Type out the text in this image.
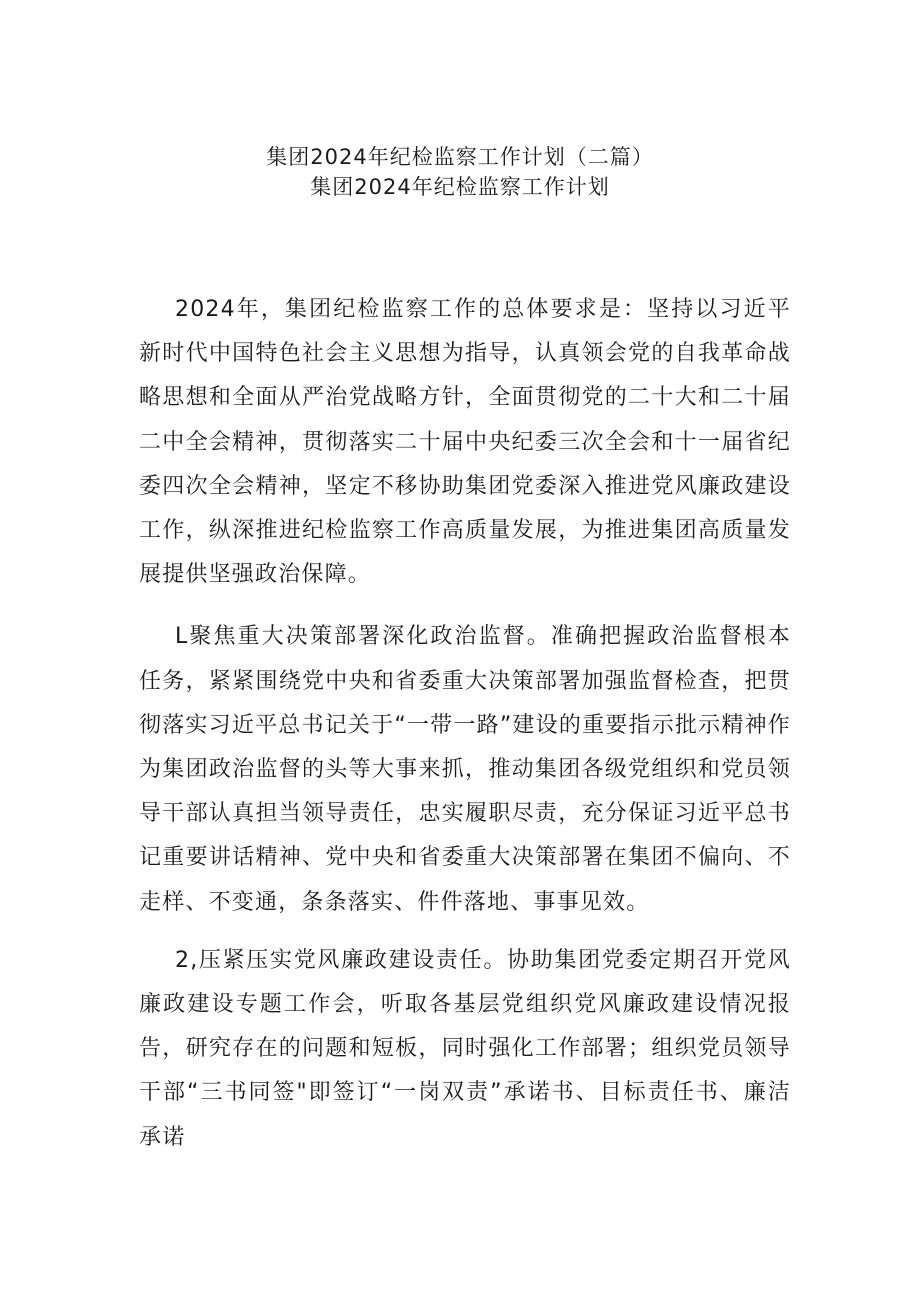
集团2024年纪检监察工作计划（二篇）
集团2024年纪检监察工作计划

2024年，集团纪检监察工作的总体要求是：坚持以习近平新时代中国特色社会主义思想为指导，认真领会党的自我革命战略思想和全面从严治党战略方针，全面贯彻党的二十大和二十届二中全会精神，贯彻落实二十届中央纪委三次全会和十一届省纪委四次全会精神，坚定不移协助集团党委深入推进党风廉政建设工作，纵深推进纪检监察工作高质量发展，为推进集团高质量发展提供坚强政治保障。

L聚焦重大决策部署深化政治监督。准确把握政治监督根本任务，紧紧围绕党中央和省委重大决策部署加强监督检查，把贯彻落实习近平总书记关于“一带一路”建设的重要指示批示精神作为集团政治监督的头等大事来抓，推动集团各级党组织和党员领导干部认真担当领导责任，忠实履职尽责，充分保证习近平总书记重要讲话精神、党中央和省委重大决策部署在集团不偏向、不走样、不变通，条条落实、件件落地、事事见效。

2,压紧压实党风廉政建设责任。协助集团党委定期召开党风廉政建设专题工作会，听取各基层党组织党风廉政建设情况报告，研究存在的问题和短板，同时强化工作部署；组织党员领导干部“三书同签"即签订“一岗双责”承诺书、目标责任书、廉洁承诺
